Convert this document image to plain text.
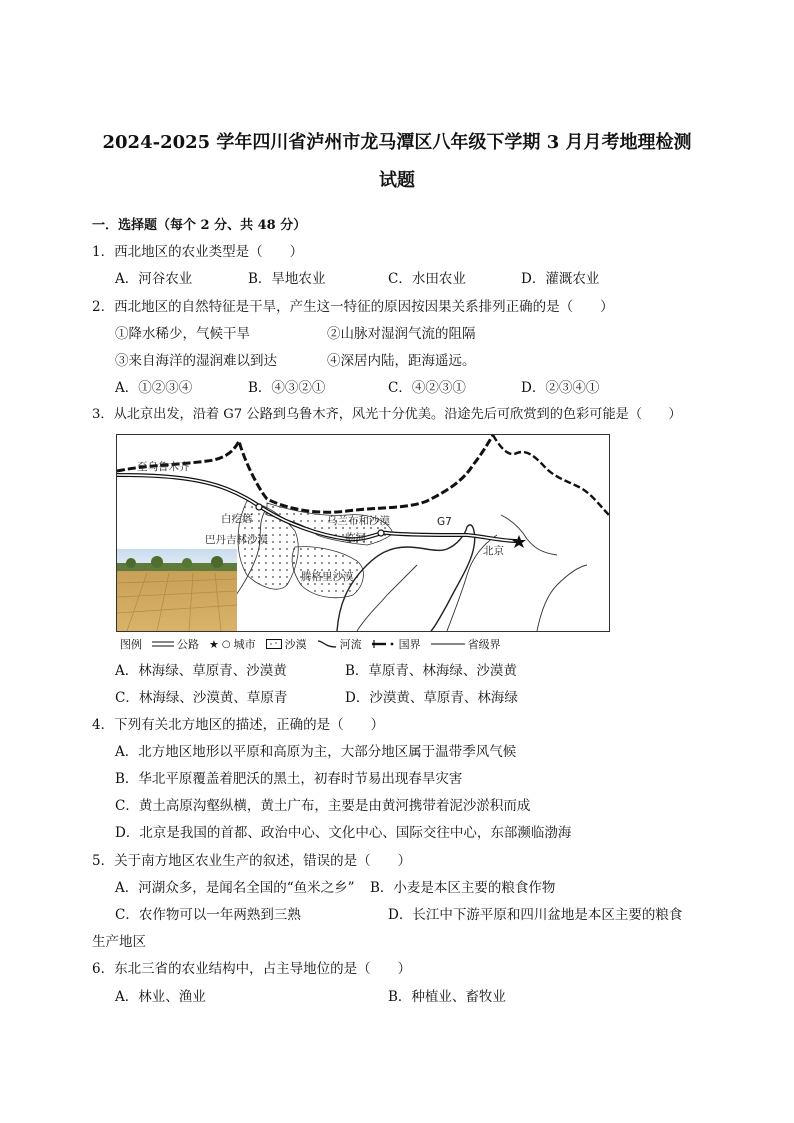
2024-2025 学年四川省泸州市龙马潭区八年级下学期 3 月月考地理检测
试题
一．选择题（每个 2 分、共 48 分）
1．西北地区的农业类型是（　　）
A．河谷农业	B．旱地农业	C．水田农业	D．灌溉农业
2．西北地区的自然特征是干旱，产生这一特征的原因按因果关系排列正确的是（　　）
①降水稀少，气候干旱	②山脉对湿润气流的阻隔
③来自海洋的湿润难以到达	④深居内陆，距海遥远。
A．①②③④	B．④③②①	C．④②③①	D．②③④①
3．从北京出发，沿着 G7 公路到乌鲁木齐，风光十分优美。沿途先后可欣赏到的色彩可能是（　　）
至乌鲁木齐
白疙瘩
巴丹吉林沙漠
乌兰布和沙漠
临河
G7
北京
腾格里沙漠
图例	公路 ★ ○ 城市	沙漠	河流	国界	省级界
A．林海绿、草原青、沙漠黄	B．草原青、林海绿、沙漠黄
C．林海绿、沙漠黄、草原青	D．沙漠黄、草原青、林海绿
4．下列有关北方地区的描述，正确的是（　　）
A．北方地区地形以平原和高原为主，大部分地区属于温带季风气候
B．华北平原覆盖着肥沃的黑土，初春时节易出现春旱灾害
C．黄土高原沟壑纵横，黄土广布，主要是由黄河携带着泥沙淤积而成
D．北京是我国的首都、政治中心、文化中心、国际交往中心，东部濒临渤海
5．关于南方地区农业生产的叙述，错误的是（　　）
A．河湖众多，是闻名全国的“鱼米之乡” B．小麦是本区主要的粮食作物
C．农作物可以一年两熟到三熟	D．长江中下游平原和四川盆地是本区主要的粮食
生产地区
6．东北三省的农业结构中，占主导地位的是（　　）
A．林业、渔业	B．种植业、畜牧业
